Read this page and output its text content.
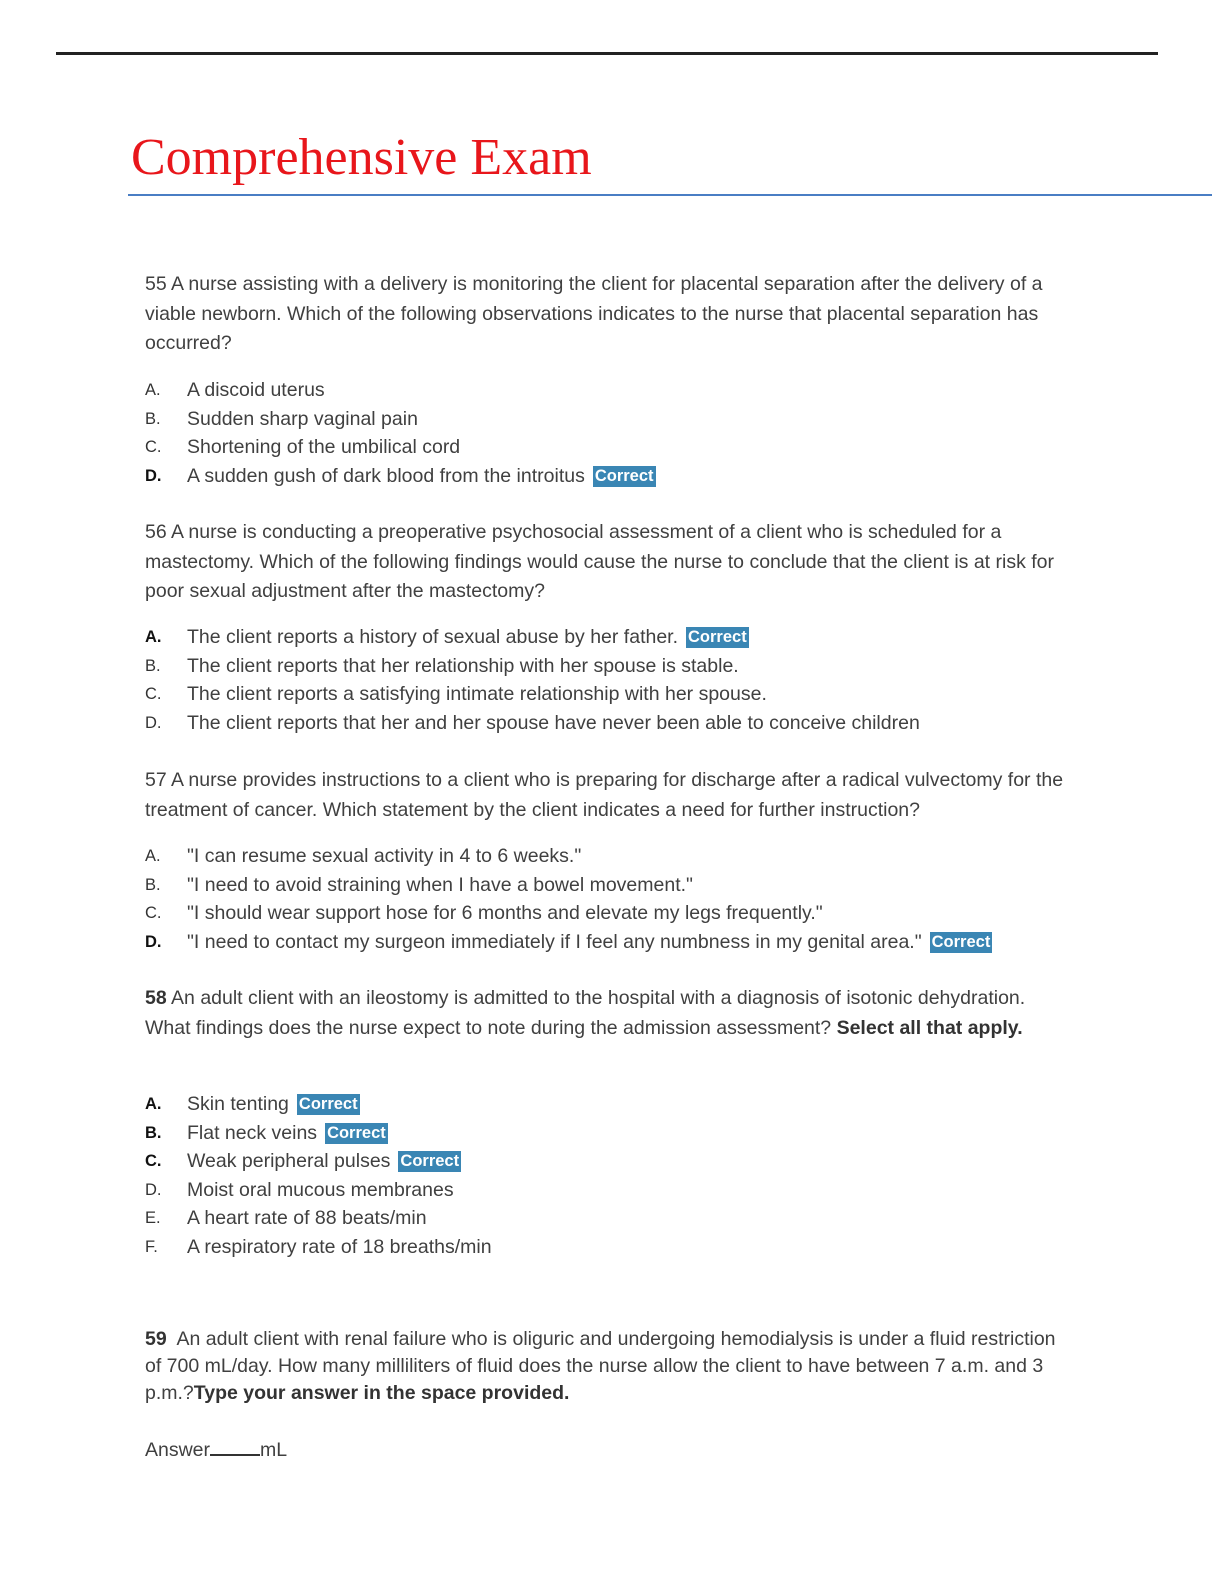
Comprehensive Exam

55 A nurse assisting with a delivery is monitoring the client for placental separation after the delivery of a viable newborn. Which of the following observations indicates to the nurse that placental separation has occurred?

A.	A discoid uterus
B.	Sudden sharp vaginal pain
C.	Shortening of the umbilical cord
D.	A sudden gush of dark blood from the introitus Correct

56 A nurse is conducting a preoperative psychosocial assessment of a client who is scheduled for a mastectomy. Which of the following findings would cause the nurse to conclude that the client is at risk for poor sexual adjustment after the mastectomy?

A.	The client reports a history of sexual abuse by her father. Correct
B.	The client reports that her relationship with her spouse is stable.
C.	The client reports a satisfying intimate relationship with her spouse.
D.	The client reports that her and her spouse have never been able to conceive children

57 A nurse provides instructions to a client who is preparing for discharge after a radical vulvectomy for the treatment of cancer. Which statement by the client indicates a need for further instruction?

A.	"I can resume sexual activity in 4 to 6 weeks."
B.	"I need to avoid straining when I have a bowel movement."
C.	"I should wear support hose for 6 months and elevate my legs frequently."
D.	"I need to contact my surgeon immediately if I feel any numbness in my genital area." Correct

58 An adult client with an ileostomy is admitted to the hospital with a diagnosis of isotonic dehydration. What findings does the nurse expect to note during the admission assessment? Select all that apply.

A.	Skin tenting Correct
B.	Flat neck veins Correct
C.	Weak peripheral pulses Correct
D.	Moist oral mucous membranes
E.	A heart rate of 88 beats/min
F.	A respiratory rate of 18 breaths/min

59 An adult client with renal failure who is oliguric and undergoing hemodialysis is under a fluid restriction of 700 mL/day. How many milliliters of fluid does the nurse allow the client to have between 7 a.m. and 3 p.m.?Type your answer in the space provided.

Answer	mL
